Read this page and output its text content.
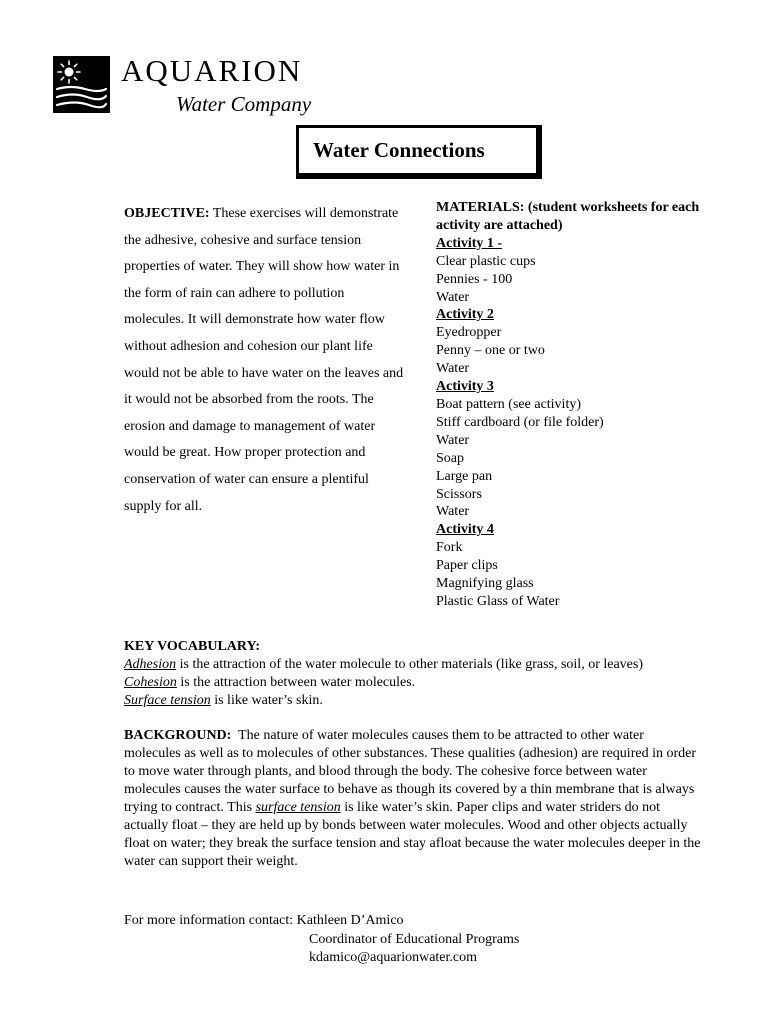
AQUARION
Water Company
Water Connections
OBJECTIVE: These exercises will demonstrate the adhesive, cohesive and surface tension properties of water. They will show how water in the form of rain can adhere to pollution molecules. It will demonstrate how water flow without adhesion and cohesion our plant life would not be able to have water on the leaves and it would not be absorbed from the roots. The erosion and damage to management of water would be great. How proper protection and conservation of water can ensure a plentiful supply for all.
MATERIALS: (student worksheets for each activity are attached)
Activity 1 -
Clear plastic cups
Pennies - 100
Water
Activity 2
Eyedropper
Penny – one or two
Water
Activity 3
Boat pattern (see activity)
Stiff cardboard (or file folder)
Water
Soap
Large pan
Scissors
Water
Activity 4
Fork
Paper clips
Magnifying glass
Plastic Glass of Water
KEY VOCABULARY:
Adhesion is the attraction of the water molecule to other materials (like grass, soil, or leaves)
Cohesion is the attraction between water molecules.
Surface tension is like water’s skin.
BACKGROUND: The nature of water molecules causes them to be attracted to other water molecules as well as to molecules of other substances. These qualities (adhesion) are required in order to move water through plants, and blood through the body. The cohesive force between water molecules causes the water surface to behave as though its covered by a thin membrane that is always trying to contract. This surface tension is like water’s skin. Paper clips and water striders do not actually float – they are held up by bonds between water molecules. Wood and other objects actually float on water; they break the surface tension and stay afloat because the water molecules deeper in the water can support their weight.
For more information contact: Kathleen D’Amico
Coordinator of Educational Programs
kdamico@aquarionwater.com
